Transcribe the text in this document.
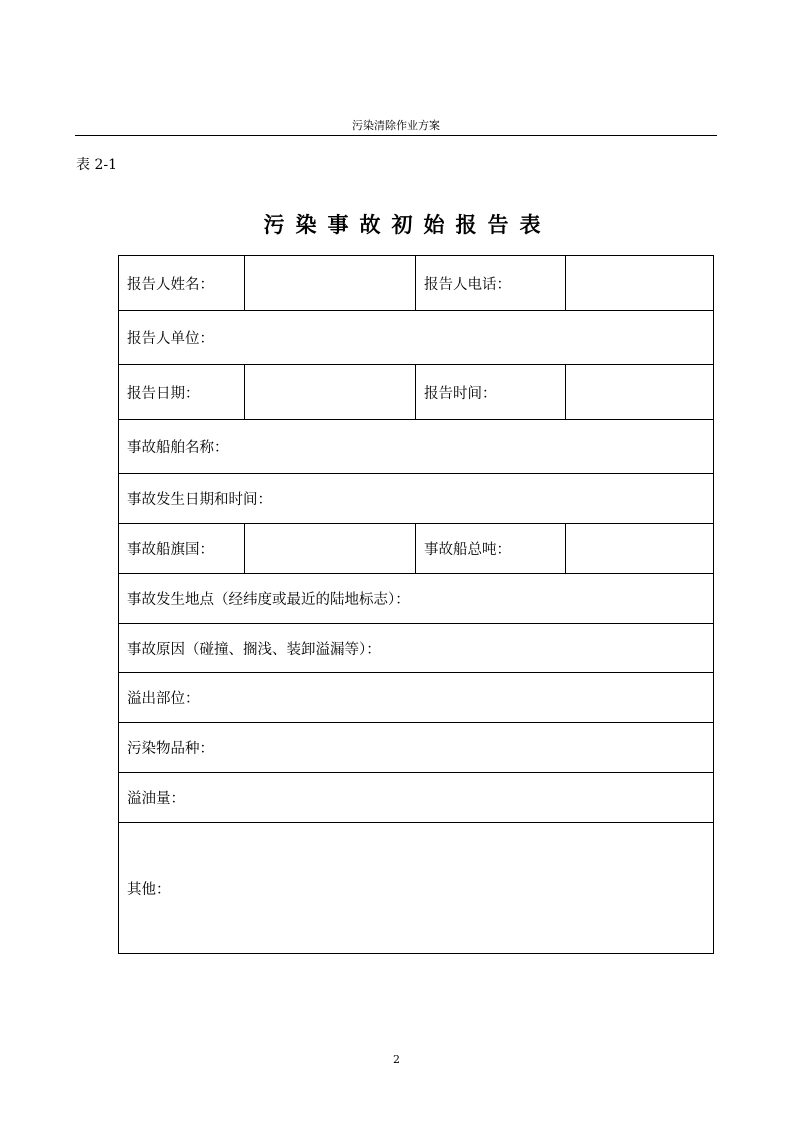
污染清除作业方案
表 2-1
污染事故初始报告表
报告人姓名：		报告人电话：	
报告人单位：			
报告日期：		报告时间：	
事故船舶名称：			
事故发生日期和时间：			
事故船旗国：		事故船总吨：	
事故发生地点（经纬度或最近的陆地标志）：			
事故原因（碰撞、搁浅、装卸溢漏等）：			
溢出部位：			
污染物品种：			
溢油量：			
其他：			
2
